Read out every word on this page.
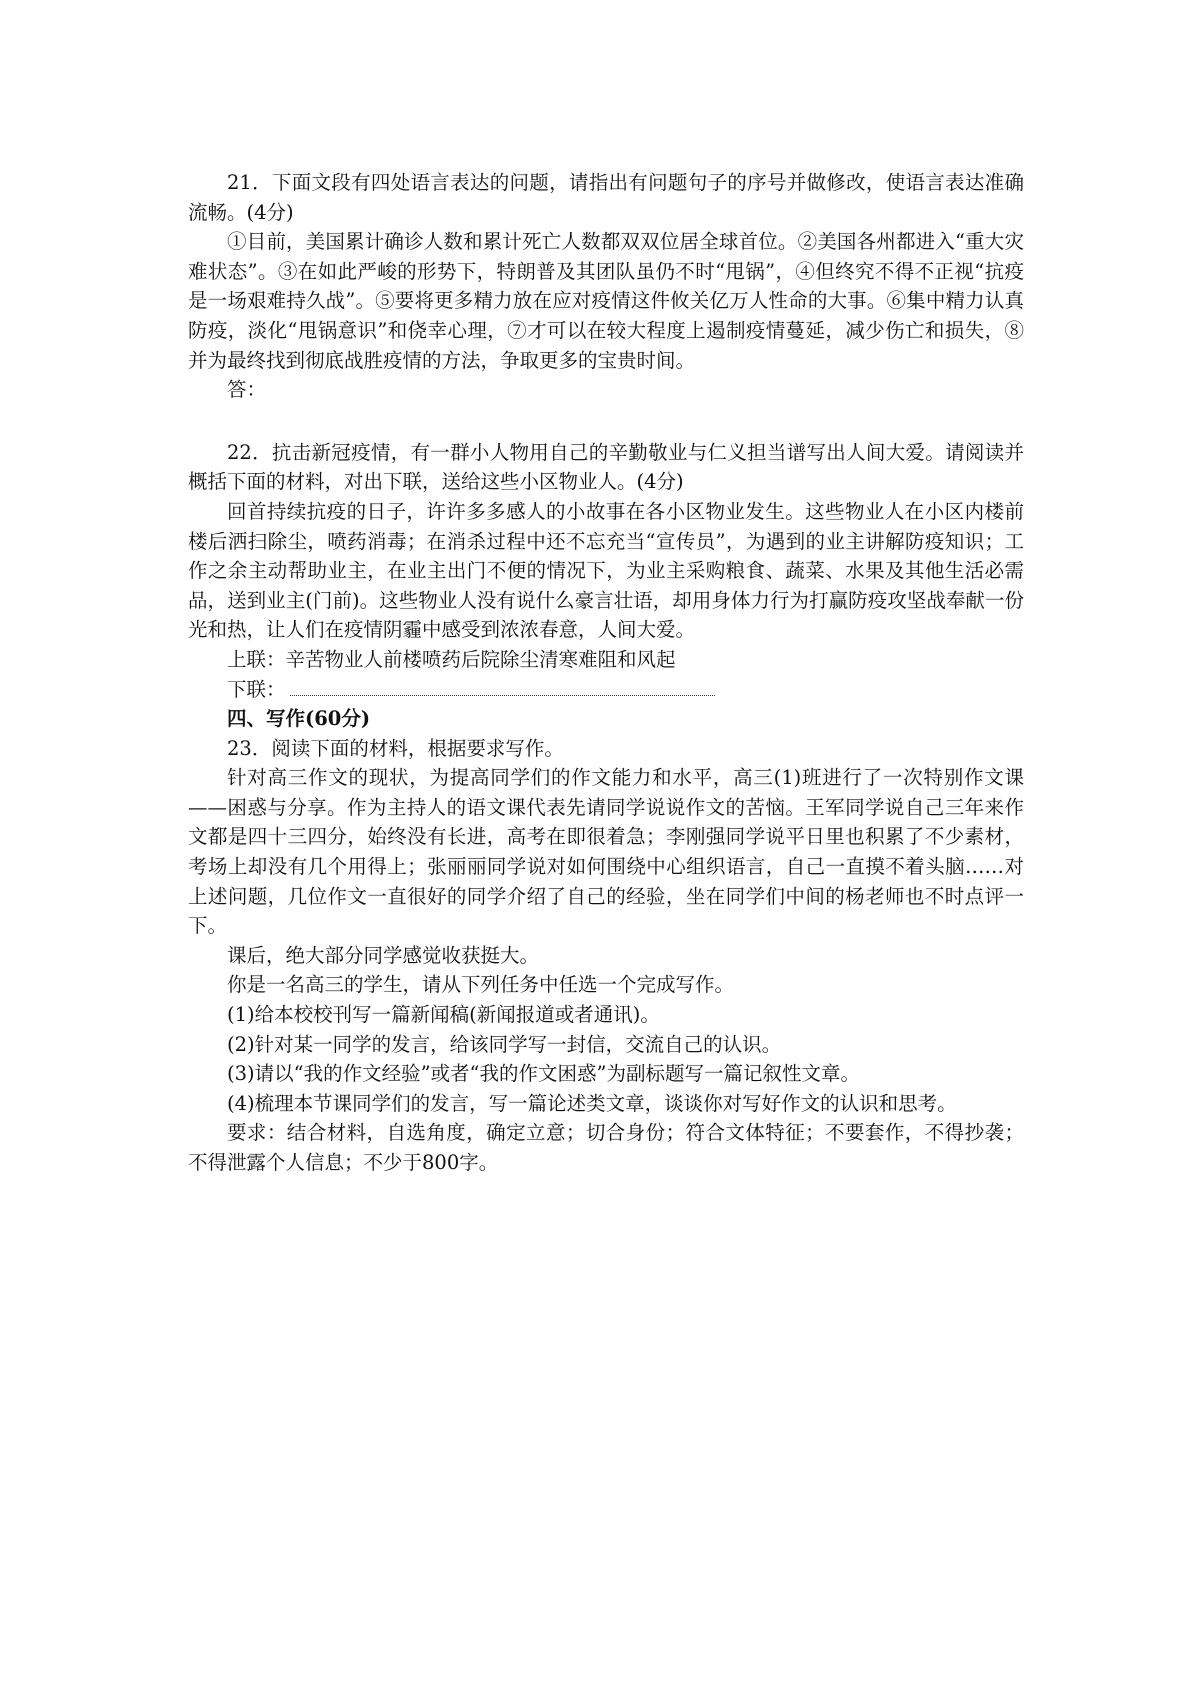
21．下面文段有四处语言表达的问题，请指出有问题句子的序号并做修改，使语言表达准确流畅。(4分)

①目前，美国累计确诊人数和累计死亡人数都双双位居全球首位。②美国各州都进入“重大灾难状态”。③在如此严峻的形势下，特朗普及其团队虽仍不时“甩锅”，④但终究不得不正视“抗疫是一场艰难持久战”。⑤要将更多精力放在应对疫情这件攸关亿万人性命的大事。⑥集中精力认真防疫，淡化“甩锅意识”和侥幸心理，⑦才可以在较大程度上遏制疫情蔓延，减少伤亡和损失，⑧并为最终找到彻底战胜疫情的方法，争取更多的宝贵时间。

答：

22．抗击新冠疫情，有一群小人物用自己的辛勤敬业与仁义担当谱写出人间大爱。请阅读并概括下面的材料，对出下联，送给这些小区物业人。(4分)

回首持续抗疫的日子，许许多多感人的小故事在各小区物业发生。这些物业人在小区内楼前楼后洒扫除尘，喷药消毒；在消杀过程中还不忘充当“宣传员”，为遇到的业主讲解防疫知识；工作之余主动帮助业主，在业主出门不便的情况下，为业主采购粮食、蔬菜、水果及其他生活必需品，送到业主(门前)。这些物业人没有说什么豪言壮语，却用身体力行为打赢防疫攻坚战奉献一份光和热，让人们在疫情阴霾中感受到浓浓春意，人间大爱。

上联：辛苦物业人前楼喷药后院除尘清寒难阻和风起

下联：

四、写作(60分)

23．阅读下面的材料，根据要求写作。

针对高三作文的现状，为提高同学们的作文能力和水平，高三(1)班进行了一次特别作文课——困惑与分享。作为主持人的语文课代表先请同学说说作文的苦恼。王军同学说自己三年来作文都是四十三四分，始终没有长进，高考在即很着急；李刚强同学说平日里也积累了不少素材，考场上却没有几个用得上；张丽丽同学说对如何围绕中心组织语言，自己一直摸不着头脑……对上述问题，几位作文一直很好的同学介绍了自己的经验，坐在同学们中间的杨老师也不时点评一下。

课后，绝大部分同学感觉收获挺大。

你是一名高三的学生，请从下列任务中任选一个完成写作。

(1)给本校校刊写一篇新闻稿(新闻报道或者通讯)。

(2)针对某一同学的发言，给该同学写一封信，交流自己的认识。

(3)请以“我的作文经验”或者“我的作文困惑”为副标题写一篇记叙性文章。

(4)梳理本节课同学们的发言，写一篇论述类文章，谈谈你对写好作文的认识和思考。

要求：结合材料，自选角度，确定立意；切合身份；符合文体特征；不要套作，不得抄袭；不得泄露个人信息；不少于800字。
